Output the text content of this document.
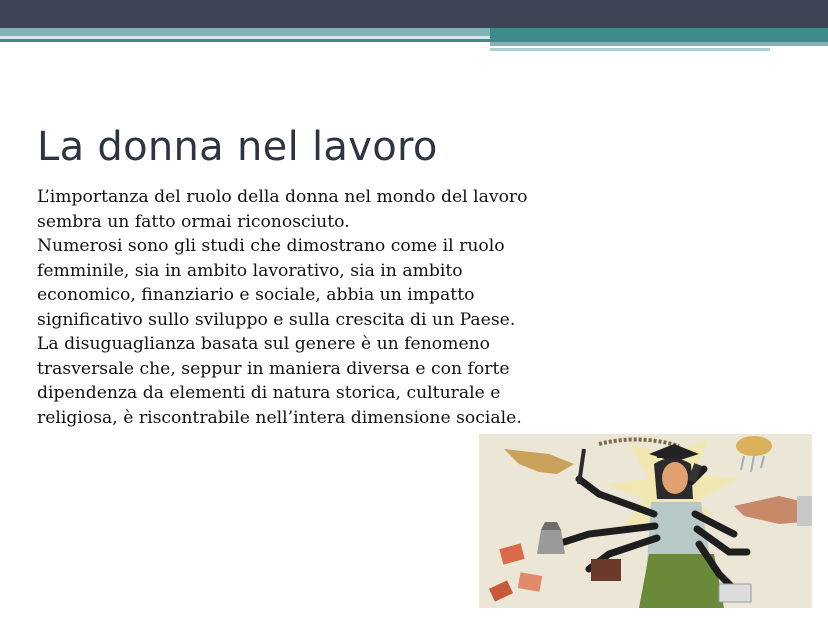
La donna nel lavoro

L’importanza del ruolo della donna nel mondo del lavoro sembra un fatto ormai riconosciuto.

Numerosi sono gli studi che dimostrano come il ruolo femminile, sia in ambito lavorativo, sia in ambito economico, finanziario e sociale, abbia un impatto significativo sullo sviluppo e sulla crescita di un Paese.

La disuguaglianza basata sul genere è un fenomeno trasversale che, seppur in maniera diversa e con forte dipendenza da elementi di natura storica, culturale e religiosa, è riscontrabile nell’intera dimensione sociale.
